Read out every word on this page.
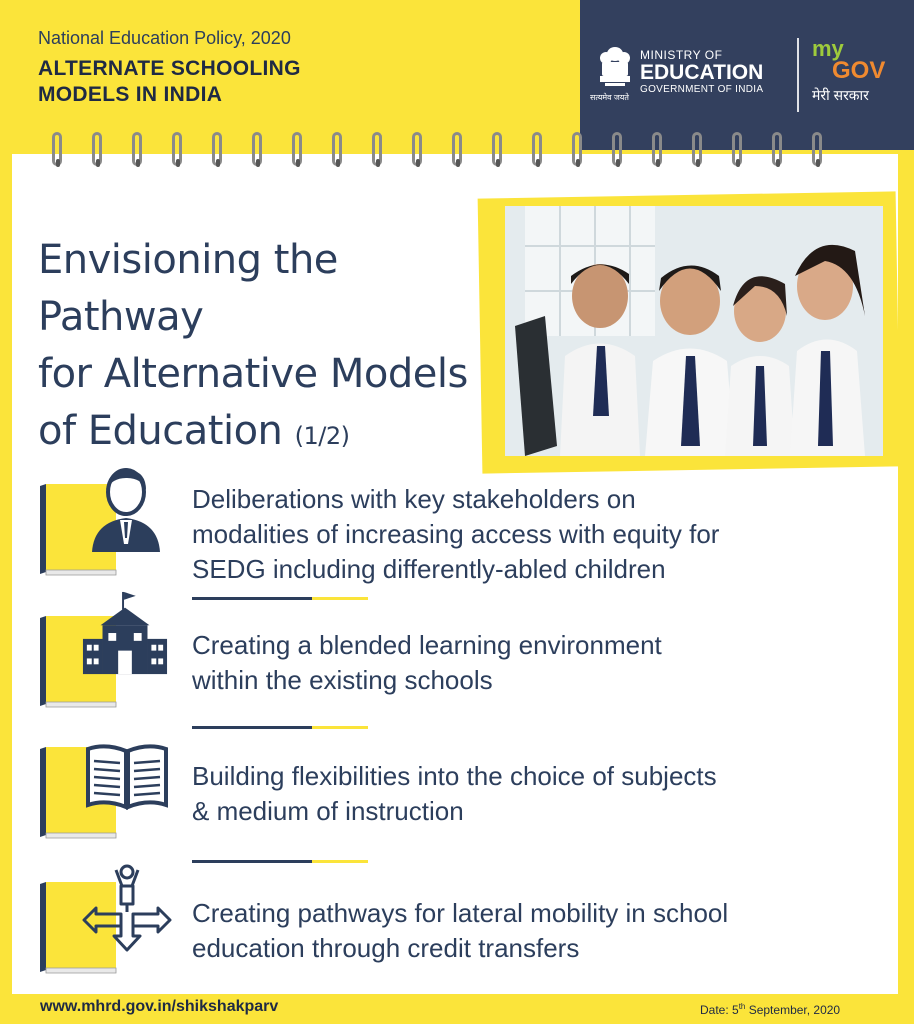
National Education Policy, 2020
ALTERNATE SCHOOLING
MODELS IN INDIA	सत्यमेव जयते
MINISTRY OF
EDUCATION
GOVERNMENT OF INDIA
my
GOV
मेरी सरकार
Envisioning the Pathway
for Alternative Models
of Education (1/2)
Deliberations with key stakeholders on
modalities of increasing access with equity for
SEDG including differently-abled children
Creating a blended learning environment
within the existing schools
Building flexibilities into the choice of subjects
& medium of instruction
Creating pathways for lateral mobility in school
education through credit transfers
www.mhrd.gov.in/shikshakparv	Date: 5th September, 2020
